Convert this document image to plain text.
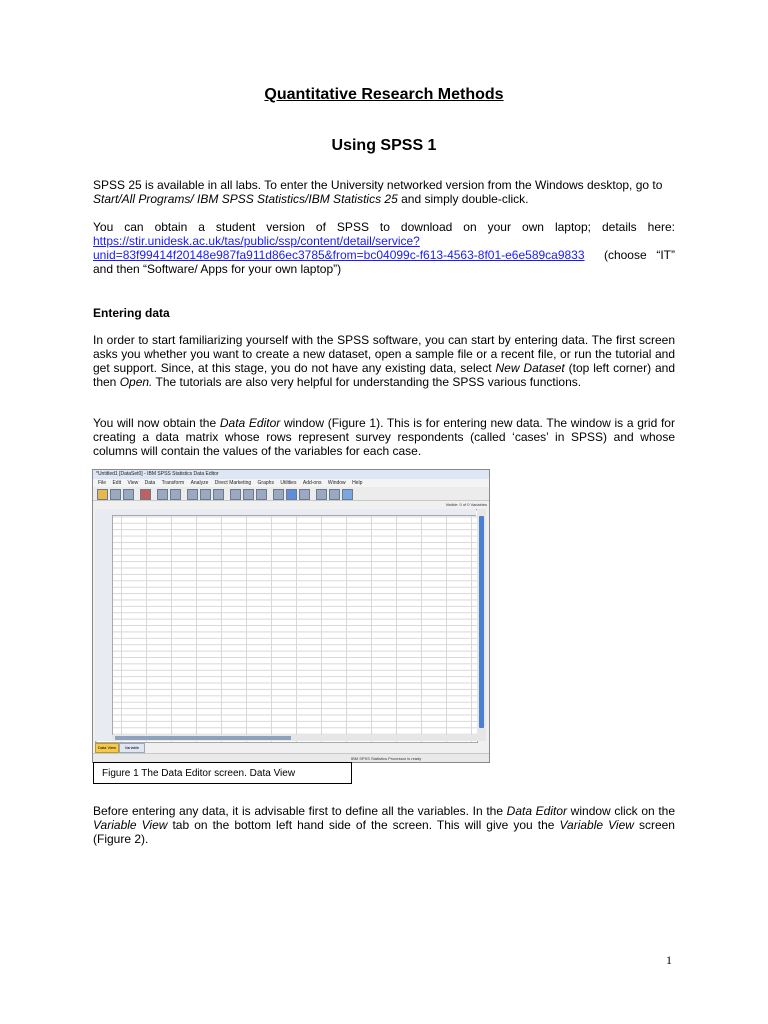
Quantitative Research Methods
Using SPSS 1
SPSS 25 is available in all labs. To enter the University networked version from the Windows desktop, go to Start/All Programs/ IBM SPSS Statistics/IBM Statistics 25 and simply double-click.
You can obtain a student version of SPSS to download on your own laptop; details here: https://stir.unidesk.ac.uk/tas/public/ssp/content/detail/service?
unid=83f99414f20148e987fa911d86ec3785&from=bc04099c-f613-4563-8f01-e6e589ca9833 (choose “IT” and then “Software/ Apps for your own laptop”)
Entering data
In order to start familiarizing yourself with the SPSS software, you can start by entering data. The first screen asks you whether you want to create a new dataset, open a sample file or a recent file, or run the tutorial and get support. Since, at this stage, you do not have any existing data, select New Dataset (top left corner) and then Open. The tutorials are also very helpful for understanding the SPSS various functions.
You will now obtain the Data Editor window (Figure 1). This is for entering new data. The window is a grid for creating a data matrix whose rows represent survey respondents (called ‘cases’ in SPSS) and whose columns will contain the values of the variables for each case.
*Untitled1 [DataSet0] - IBM SPSS Statistics Data Editor
File Edit View Data Transform Analyze Direct Marketing Graphs Utilities Add-ons Window Help
Visible: 0 of 0 Variables
Data View	Variable
IBM SPSS Statistics Processor is ready
Figure 1 The Data Editor screen. Data View
Before entering any data, it is advisable first to define all the variables. In the Data Editor window click on the Variable View tab on the bottom left hand side of the screen. This will give you the Variable View screen (Figure 2).
1
